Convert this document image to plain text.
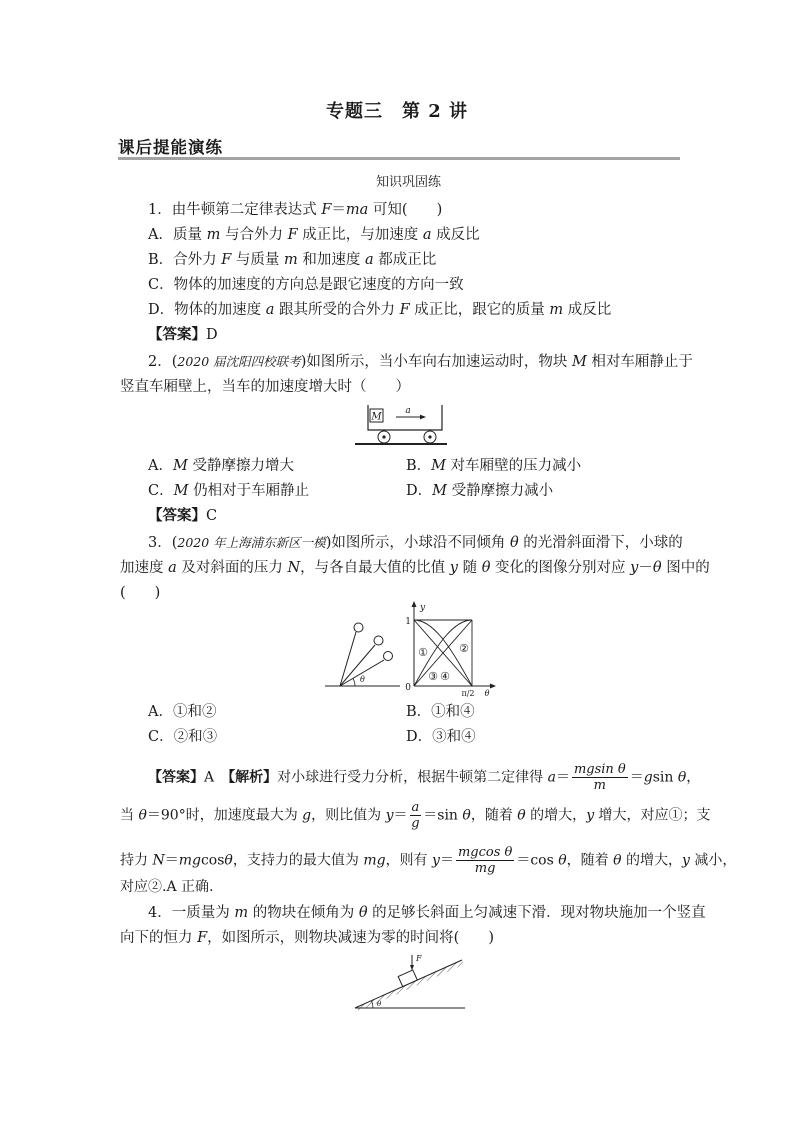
专题三　第 2 讲
课后提能演练
知识巩固练
1．由牛顿第二定律表达式 F＝ma 可知(　　)
A．质量 m 与合外力 F 成正比，与加速度 a 成反比
B．合外力 F 与质量 m 和加速度 a 都成正比
C．物体的加速度的方向总是跟它速度的方向一致
D．物体的加速度 a 跟其所受的合外力 F 成正比，跟它的质量 m 成反比
【答案】D
2．(2020 届沈阳四校联考)如图所示，当小车向右加速运动时，物块 M 相对车厢静止于
竖直车厢壁上，当车的加速度增大时（　　）
M
a
A．M 受静摩擦力增大	B．M 对车厢壁的压力减小
C．M 仍相对于车厢静止	D．M 受静摩擦力减小
【答案】C
3．(2020 年上海浦东新区一模)如图所示，小球沿不同倾角 θ 的光滑斜面滑下，小球的
加速度 a 及对斜面的压力 N，与各自最大值的比值 y 随 θ 变化的图像分别对应 y－θ 图中的
(　　)
θ
y
1
0
①	②
③ ④
π/2 θ
A．①和②	B．①和④
C．②和③	D．③和④
【答案】A　【解析】对小球进行受力分析，根据牛顿第二定律得 $a= \frac{\text{mgsin θ}}{m} =gsin$ θ，
当 θ＝90°时，加速度最大为 g，则比值为 $y= \frac{a}{g} =\sin$ θ，随着 θ 的增大，y 增大，对应①；支
持力 N＝mgcosθ，支持力的最大值为 mg，则有 $y= \frac{\text{mgcos θ}}{mg} =\cos$ θ，随着 θ 的增大，y 减小，
对应②.A 正确.
4．一质量为 m 的物块在倾角为 θ 的足够长斜面上匀减速下滑．现对物块施加一个竖直
向下的恒力 F，如图所示，则物块减速为零的时间将(　　)
F
θ
